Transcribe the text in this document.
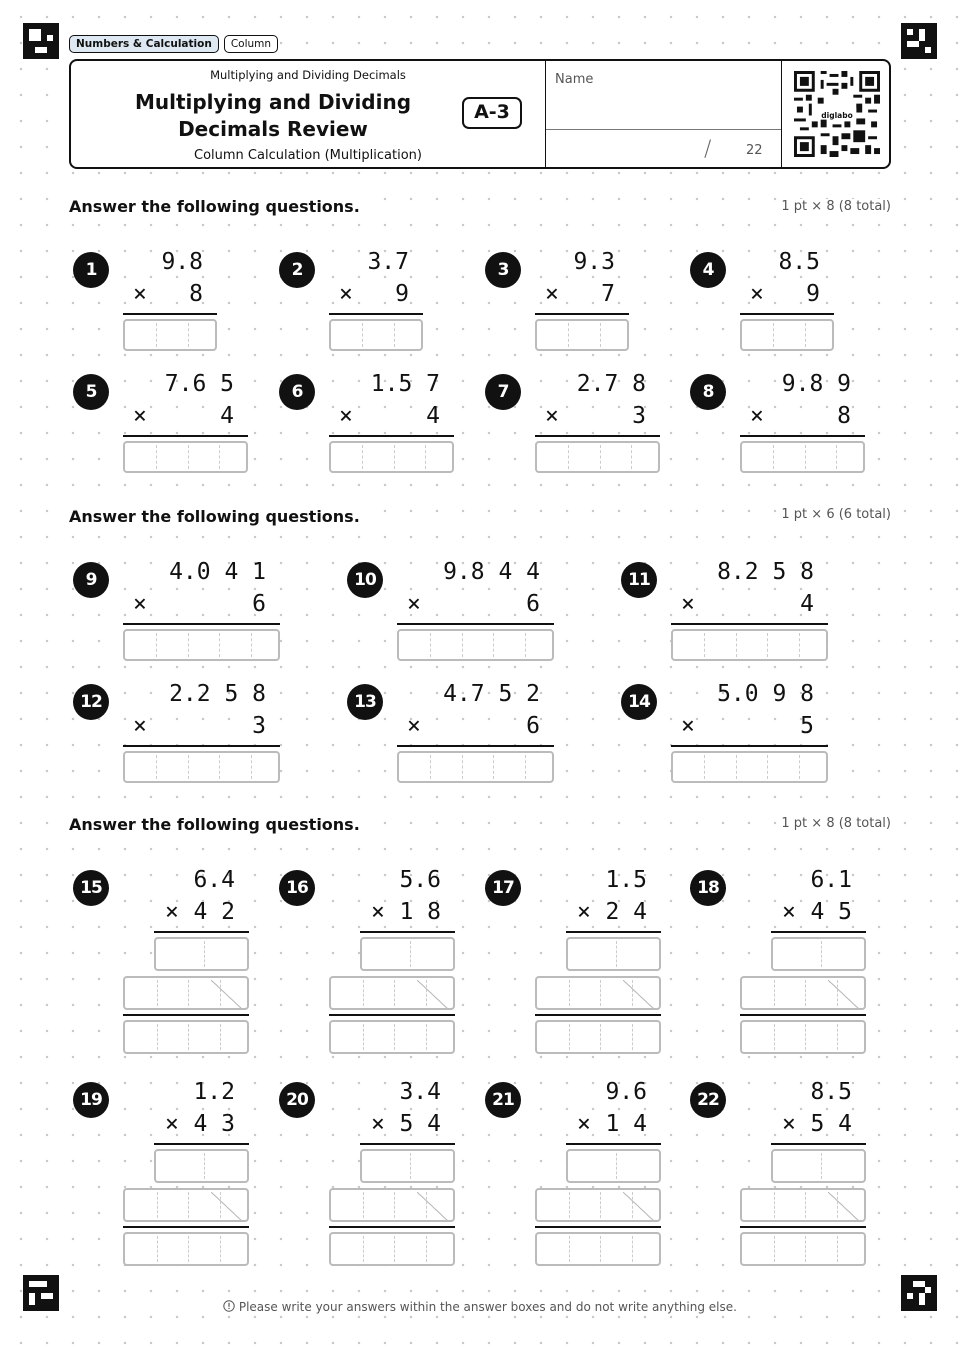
Numbers & Calculation	Column
Multiplying and Dividing Decimals
Multiplying and Dividing Decimals Review
A-3
Column Calculation (Multiplication)
Name
/	22
diglabo
Answer the following questions.	1 pt × 8 (8 total)
Answer the following questions.	1 pt × 6 (6 total)
Answer the following questions.	1 pt × 8 (8 total)
1	9.8
× 8
2	3.7
× 9
3	9.3
× 7
4	8.5
× 9
5	7.6 5
×	4
6	1.5 7
×	4
7	2.7 8
×	3
8	9.8 9
×	8
9	4.0 4 1
×	6
10	9.8 4 4
×	6
11	8.2 5 8
×	4
12	2.2 5 8
×	3
13	4.7 5 2
×	6
14	5.0 9 8
×	5
15	6.4
× 4 2
16	5.6
× 1 8
17	1.5
× 2 4
18	6.1
× 4 5
19	1.2
× 4 3
20	3.4
× 5 4
21	9.6
× 1 4
22	8.5
× 5 4
Please write your answers within the answer boxes and do not write anything else.
